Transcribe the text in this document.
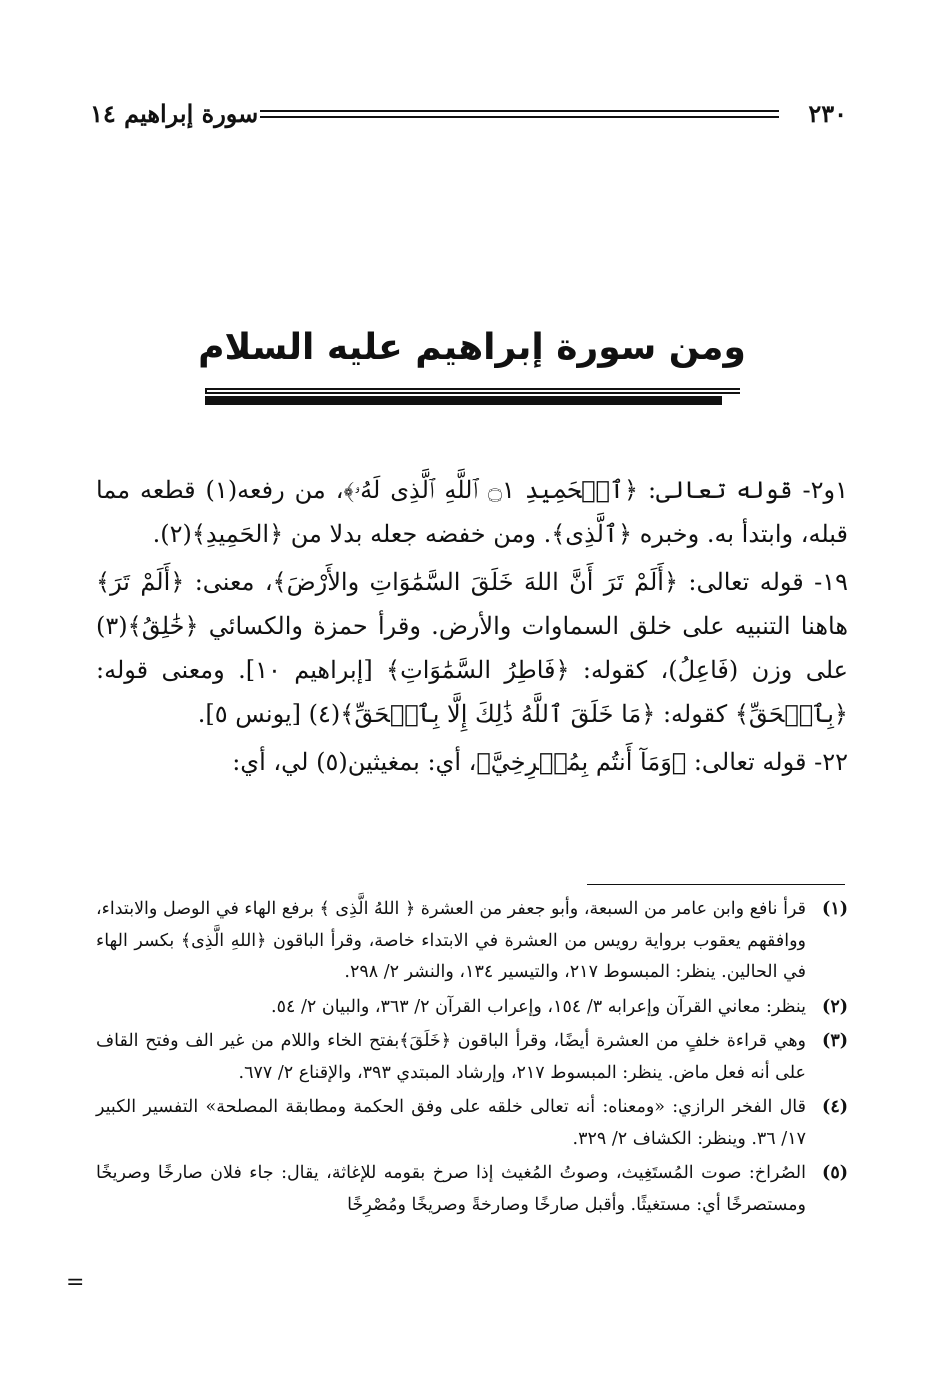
٢٣٠
سورة إبراهيم ١٤
ومن سورة إبراهيم عليه السلام

١و٢- قوله تعالى: ﴿ٱلۡحَمِيدِ ۝١ ٱللَّهِ ٱلَّذِى لَهُۥ﴾، من رفعه(١) قطعه مما قبله، وابتدأ به. وخبره ﴿ٱلَّذِى﴾. ومن خفضه جعله بدلا من ﴿الحَمِيدِ﴾(٢).

١٩- قوله تعالى: ﴿أَلَمْ تَرَ أَنَّ اللهَ خَلَقَ السَّمَٰوَاتِ والأَرْضَ﴾، معنى: ﴿أَلَمْ تَرَ﴾ هاهنا التنبيه على خلق السماوات والأرض. وقرأ حمزة والكسائي ﴿خَٰلِقُ﴾(٣) على وزن (فَاعِلُ)، كقوله: ﴿فَاطِرُ السَّمَٰوَاتِ﴾ [إبراهيم ١٠]. ومعنى قوله: ﴿بِٱلۡحَقِّ﴾ كقوله: ﴿مَا خَلَقَ ٱللَّهُ ذَٰلِكَ إِلَّا بِٱلۡحَقِّ﴾(٤) [يونس ٥].

٢٢- قوله تعالى: ﴿وَمَآ أَنتُم بِمُصۡرِخِيَّ﴾، أي: بمغيثين(٥) لي، أي:

(١)
قرأ نافع وابن عامر من السبعة، وأبو جعفر من العشرة ﴿ اللهُ الَّذِى ﴾ برفع الهاء في الوصل والابتداء، ووافقهم يعقوب برواية رويس من العشرة في الابتداء خاصة، وقرأ الباقون ﴿اللهِ الَّذِى﴾ بكسر الهاء في الحالين. ينظر: المبسوط ٢١٧، والتيسير ١٣٤، والنشر ٢/ ٢٩٨.
(٢)
ينظر: معاني القرآن وإعرابه ٣/ ١٥٤، وإعراب القرآن ٢/ ٣٦٣، والبيان ٢/ ٥٤.
(٣)
وهي قراءة خلفٍ من العشرة أيضًا، وقرأ الباقون ﴿خَلَقَ﴾بفتح الخاء واللام من غير الف وفتح القاف على أنه فعل ماض. ينظر: المبسوط ٢١٧، وإرشاد المبتدي ٣٩٣، والإقناع ٢/ ٦٧٧.
(٤)
قال الفخر الرازي: «ومعناه: أنه تعالى خلقه على وفق الحكمة ومطابقة المصلحة» التفسير الكبير ١٧/ ٣٦. وينظر: الكشاف ٢/ ٣٢٩.
(٥)
الصُراخ: صوت المُستَغِيث، وصوتُ المُغيث إذا صرخ بقومه للإغاثة، يقال: جاء فلان صارخًا وصريخًا ومستصرخًا أي: مستغيثًا. وأقبل صارخًا وصارخةً وصريخًا ومُصْرِخًا
=
